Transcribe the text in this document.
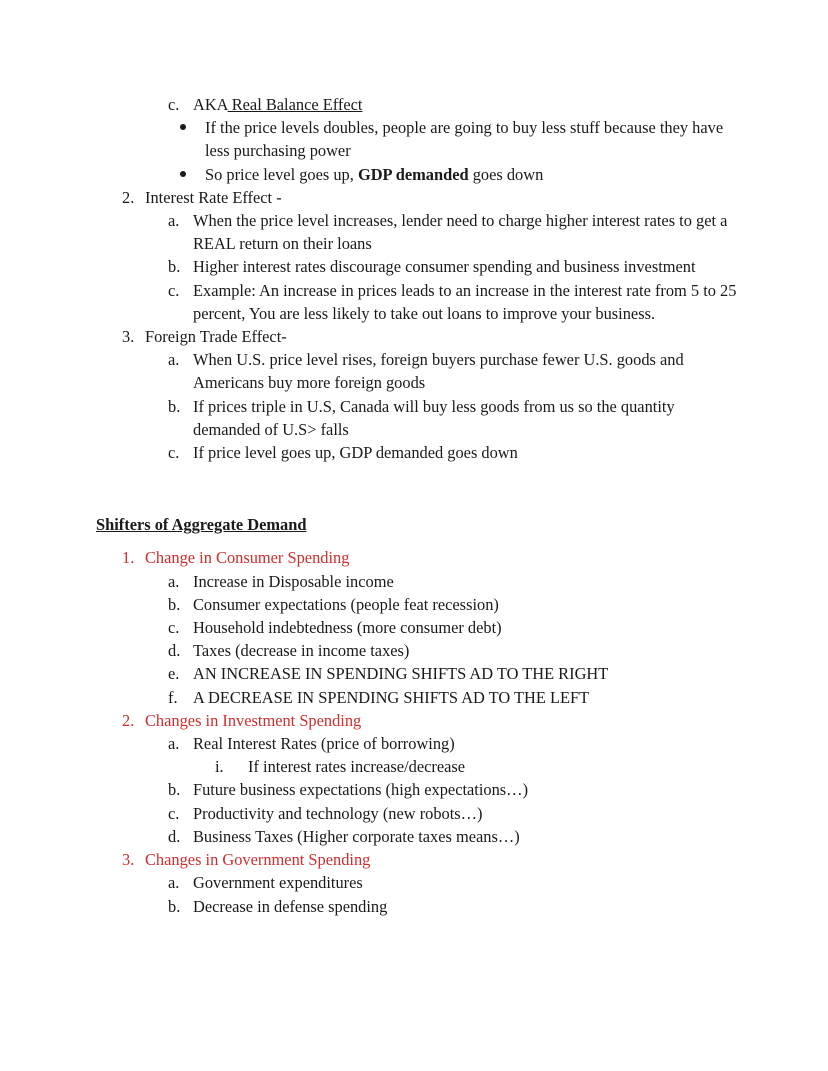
c. AKA Real Balance Effect
If the price levels doubles, people are going to buy less stuff because they have less purchasing power
So price level goes up, GDP demanded goes down
2. Interest Rate Effect -
a. When the price level increases, lender need to charge higher interest rates to get a REAL return on their loans
b. Higher interest rates discourage consumer spending and business investment
c. Example: An increase in prices leads to an increase in the interest rate from 5 to 25 percent, You are less likely to take out loans to improve your business.
3. Foreign Trade Effect-
a. When U.S. price level rises, foreign buyers purchase fewer U.S. goods and Americans buy more foreign goods
b. If prices triple in U.S, Canada will buy less goods from us so the quantity demanded of U.S> falls
c. If price level goes up, GDP demanded goes down
Shifters of Aggregate Demand
1. Change in Consumer Spending
a. Increase in Disposable income
b. Consumer expectations (people feat recession)
c. Household indebtedness (more consumer debt)
d. Taxes (decrease in income taxes)
e. AN INCREASE IN SPENDING SHIFTS AD TO THE RIGHT
f. A DECREASE IN SPENDING SHIFTS AD TO THE LEFT
2. Changes in Investment Spending
a. Real Interest Rates (price of borrowing)
i.	If interest rates increase/decrease
b. Future business expectations (high expectations…)
c. Productivity and technology (new robots…)
d. Business Taxes (Higher corporate taxes means…)
3. Changes in Government Spending
a. Government expenditures
b. Decrease in defense spending
